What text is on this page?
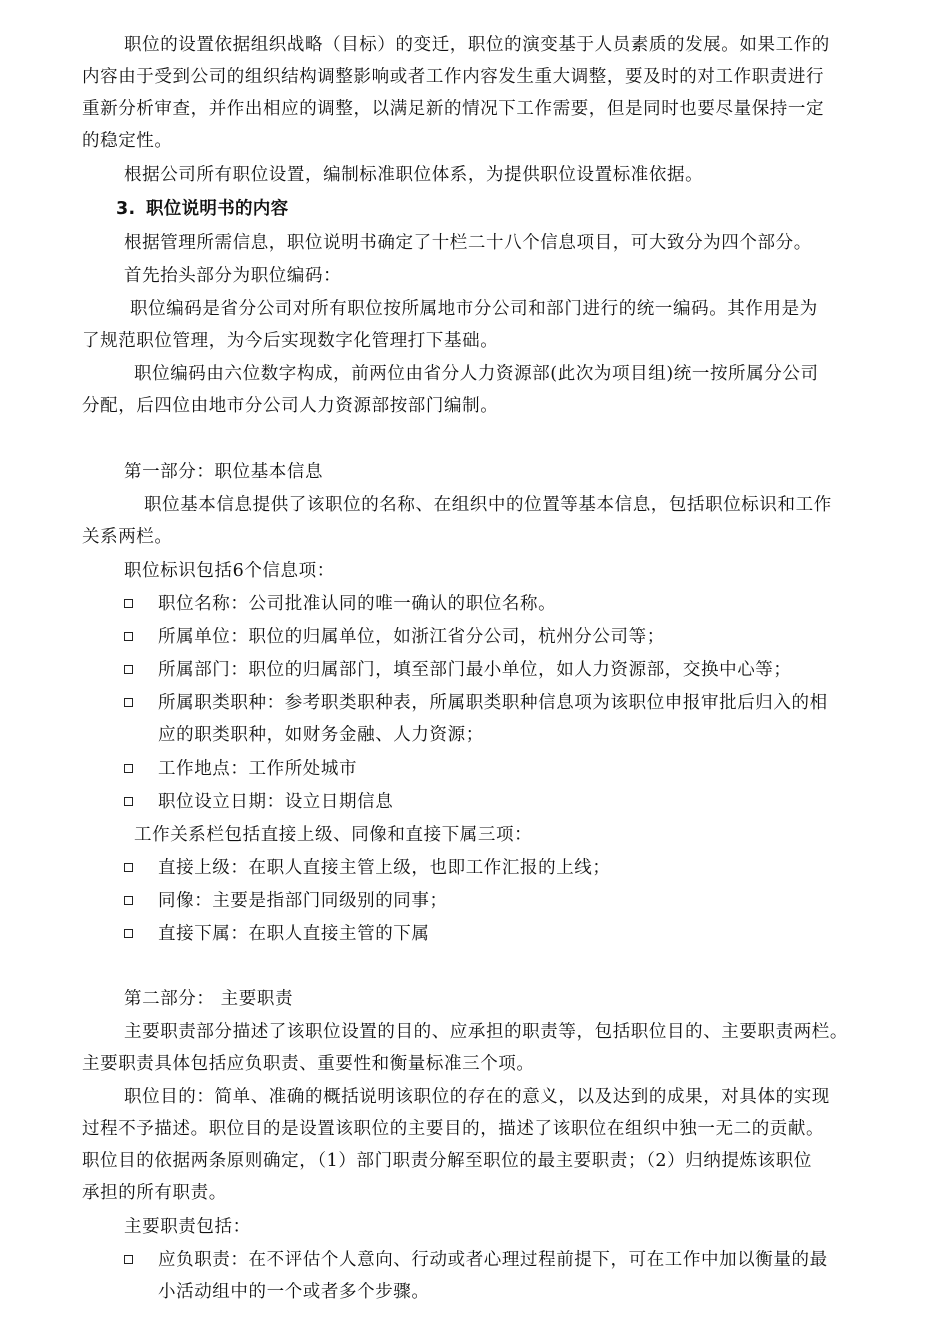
职位的设置依据组织战略（目标）的变迁，职位的演变基于人员素质的发展。如果工作的
内容由于受到公司的组织结构调整影响或者工作内容发生重大调整，要及时的对工作职责进行
重新分析审查，并作出相应的调整，以满足新的情况下工作需要，但是同时也要尽量保持一定
的稳定性。
根据公司所有职位设置，编制标准职位体系，为提供职位设置标准依据。
3. 职位说明书的内容
根据管理所需信息，职位说明书确定了十栏二十八个信息项目，可大致分为四个部分。
首先抬头部分为职位编码：
职位编码是省分公司对所有职位按所属地市分公司和部门进行的统一编码。其作用是为
了规范职位管理，为今后实现数字化管理打下基础。
职位编码由六位数字构成，前两位由省分人力资源部(此次为项目组)统一按所属分公司
分配，后四位由地市分公司人力资源部按部门编制。
第一部分：职位基本信息
职位基本信息提供了该职位的名称、在组织中的位置等基本信息，包括职位标识和工作
关系两栏。
职位标识包括6个信息项：
职位名称：公司批准认同的唯一确认的职位名称。
所属单位：职位的归属单位，如浙江省分公司，杭州分公司等；
所属部门：职位的归属部门，填至部门最小单位，如人力资源部，交换中心等；
所属职类职种：参考职类职种表，所属职类职种信息项为该职位申报审批后归入的相
应的职类职种，如财务金融、人力资源；
工作地点：工作所处城市
职位设立日期：设立日期信息
工作关系栏包括直接上级、同像和直接下属三项：
直接上级：在职人直接主管上级，也即工作汇报的上线；
同像：主要是指部门同级别的同事；
直接下属：在职人直接主管的下属
第二部分： 主要职责
主要职责部分描述了该职位设置的目的、应承担的职责等，包括职位目的、主要职责两栏。
主要职责具体包括应负职责、重要性和衡量标准三个项。
职位目的：简单、准确的概括说明该职位的存在的意义，以及达到的成果，对具体的实现
过程不予描述。职位目的是设置该职位的主要目的，描述了该职位在组织中独一无二的贡献。
职位目的依据两条原则确定，（1）部门职责分解至职位的最主要职责；（2）归纳提炼该职位
承担的所有职责。
主要职责包括：
应负职责：在不评估个人意向、行动或者心理过程前提下，可在工作中加以衡量的最
小活动组中的一个或者多个步骤。
